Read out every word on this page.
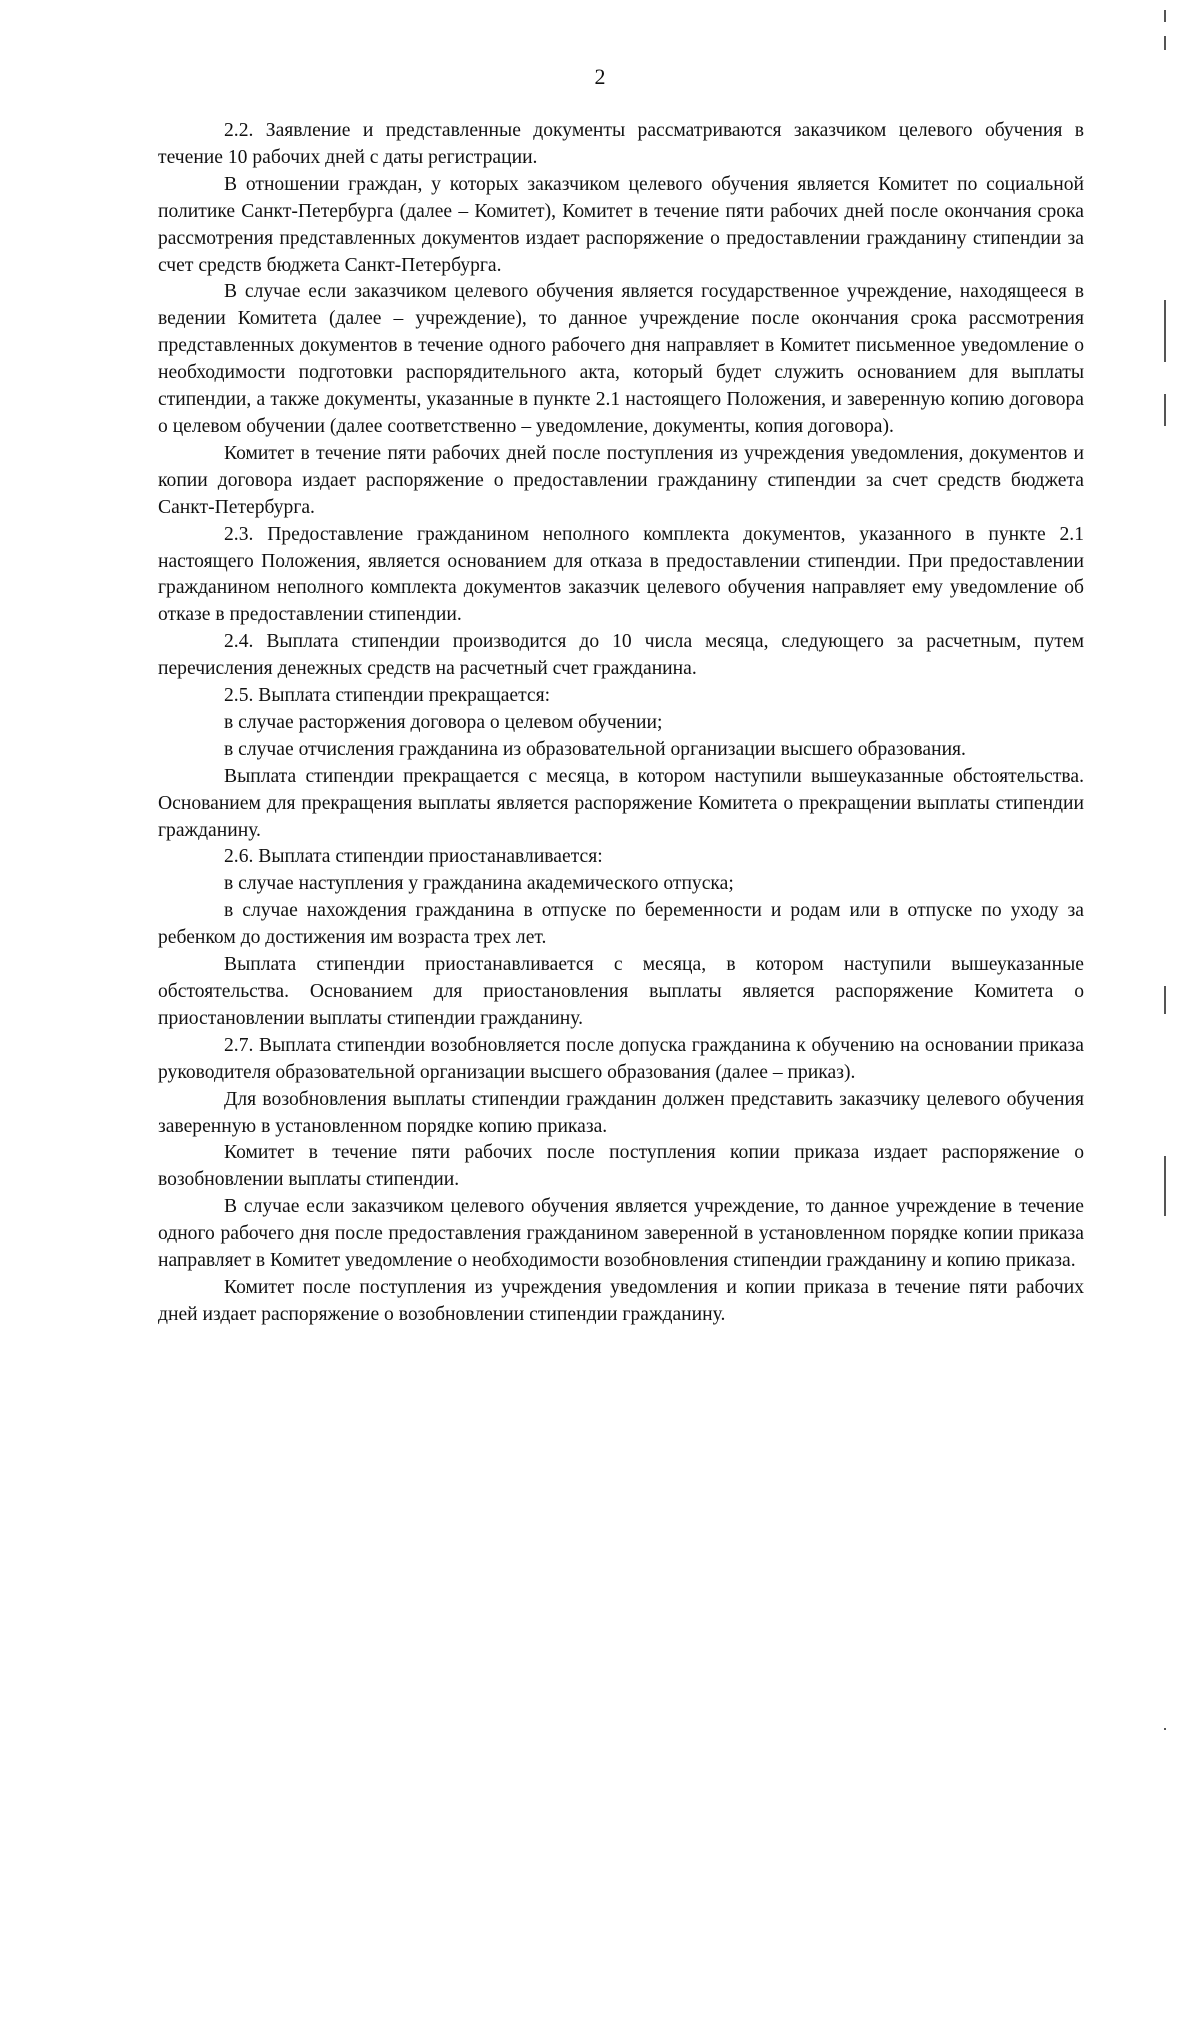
2

2.2. Заявление и представленные документы рассматриваются заказчиком целевого обучения в течение 10 рабочих дней с даты регистрации.

В отношении граждан, у которых заказчиком целевого обучения является Комитет по социальной политике Санкт-Петербурга (далее – Комитет), Комитет в течение пяти рабочих дней после окончания срока рассмотрения представленных документов издает распоряжение о предоставлении гражданину стипендии за счет средств бюджета Санкт-Петербурга.

В случае если заказчиком целевого обучения является государственное учреждение, находящееся в ведении Комитета (далее – учреждение), то данное учреждение после окончания срока рассмотрения представленных документов в течение одного рабочего дня направляет в Комитет письменное уведомление о необходимости подготовки распорядительного акта, который будет служить основанием для выплаты стипендии, а также документы, указанные в пункте 2.1 настоящего Положения, и заверенную копию договора о целевом обучении (далее соответственно – уведомление, документы, копия договора).

Комитет в течение пяти рабочих дней после поступления из учреждения уведомления, документов и копии договора издает распоряжение о предоставлении гражданину стипендии за счет средств бюджета Санкт-Петербурга.

2.3. Предоставление гражданином неполного комплекта документов, указанного в пункте 2.1 настоящего Положения, является основанием для отказа в предоставлении стипендии. При предоставлении гражданином неполного комплекта документов заказчик целевого обучения направляет ему уведомление об отказе в предоставлении стипендии.

2.4. Выплата стипендии производится до 10 числа месяца, следующего за расчетным, путем перечисления денежных средств на расчетный счет гражданина.

2.5. Выплата стипендии прекращается:

в случае расторжения договора о целевом обучении;

в случае отчисления гражданина из образовательной организации высшего образования.

Выплата стипендии прекращается с месяца, в котором наступили вышеуказанные обстоятельства. Основанием для прекращения выплаты является распоряжение Комитета о прекращении выплаты стипендии гражданину.

2.6. Выплата стипендии приостанавливается:

в случае наступления у гражданина академического отпуска;

в случае нахождения гражданина в отпуске по беременности и родам или в отпуске по уходу за ребенком до достижения им возраста трех лет.

Выплата стипендии приостанавливается с месяца, в котором наступили вышеуказанные обстоятельства. Основанием для приостановления выплаты является распоряжение Комитета о приостановлении выплаты стипендии гражданину.

2.7. Выплата стипендии возобновляется после допуска гражданина к обучению на основании приказа руководителя образовательной организации высшего образования (далее – приказ).

Для возобновления выплаты стипендии гражданин должен представить заказчику целевого обучения заверенную в установленном порядке копию приказа.

Комитет в течение пяти рабочих после поступления копии приказа издает распоряжение о возобновлении выплаты стипендии.

В случае если заказчиком целевого обучения является учреждение, то данное учреждение в течение одного рабочего дня после предоставления гражданином заверенной в установленном порядке копии приказа направляет в Комитет уведомление о необходимости возобновления стипендии гражданину и копию приказа.

Комитет после поступления из учреждения уведомления и копии приказа в течение пяти рабочих дней издает распоряжение о возобновлении стипендии гражданину.
